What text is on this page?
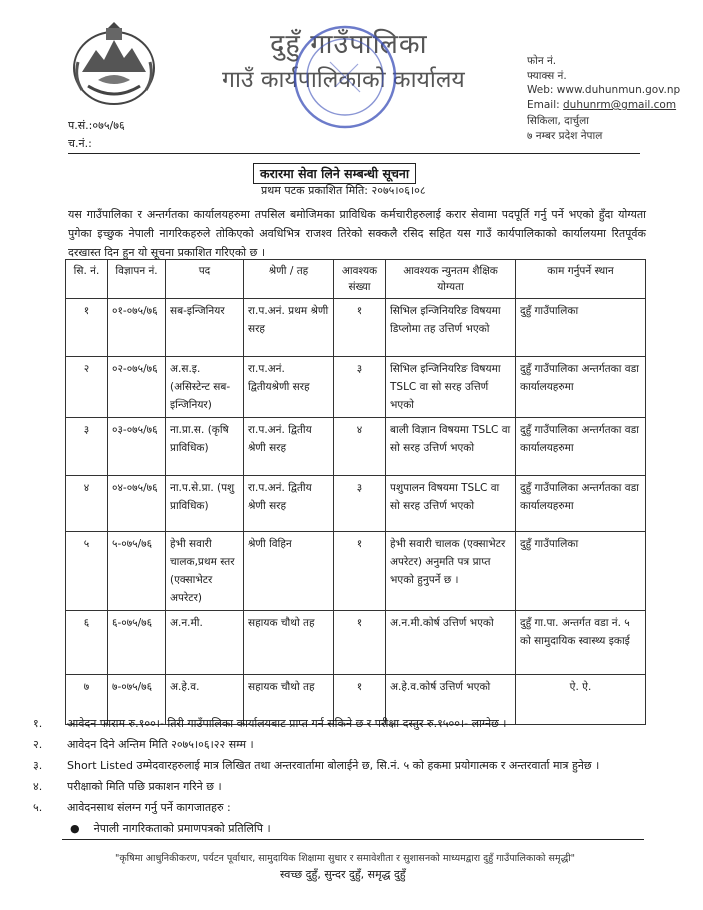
दुहुँ गाउँपालिका
गाउँ कार्यपालिकाको कार्यालय
फोन नं.
फ्याक्स नं.
Web: www.duhunmun.gov.np
Email: duhunrm@gmail.com
सिकिला, दार्चुला
७ नम्बर प्रदेश नेपाल
प.सं.:०७५/७६
च.नं.:
करारमा सेवा लिने सम्बन्धी सूचना
प्रथम पटक प्रकाशित मिति: २०७५।०६।०८
यस गाउँपालिका र अन्तर्गतका कार्यालयहरुमा तपसिल बमोजिमका प्राविधिक कर्मचारीहरुलाई करार सेवामा पदपूर्ति गर्नु पर्ने भएको हुँदा योग्यता पुगेका इच्छुक नेपाली नागरिकहरुले तोकिएको अवधिभित्र राजश्व तिरेको सक्कलै रसिद सहित यस गाउँ कार्यपालिकाको कार्यालयमा रितपूर्वक दरखास्त दिन हुन यो सूचना प्रकाशित गरिएको छ ।
सि. नं.	विज्ञापन नं.	पद	श्रेणी / तह	आवश्यक संख्या	आवश्यक न्युनतम शैक्षिक योग्यता	काम गर्नुपर्ने स्थान
१	०१-०७५/७६	सब-इन्जिनियर	रा.प.अनं. प्रथम श्रेणी सरह	१	सिभिल इन्जिनियरिङ विषयमा डिप्लोमा तह उत्तिर्ण भएको	दुहुँ गाउँपालिका
२	०२-०७५/७६	अ.स.इ. (असिस्टेन्ट सब-इन्जिनियर)	रा.प.अनं. द्वितीयश्रेणी सरह	३	सिभिल इन्जिनियरिङ विषयमा TSLC वा सो सरह उत्तिर्ण भएको	दुहुँ गाउँपालिका अन्तर्गतका वडा कार्यालयहरुमा
३	०३-०७५/७६	ना.प्रा.स. (कृषि प्राविधिक)	रा.प.अनं. द्वितीय श्रेणी सरह	४	बाली विज्ञान विषयमा TSLC वा सो सरह उत्तिर्ण भएको	दुहुँ गाउँपालिका अन्तर्गतका वडा कार्यालयहरुमा
४	०४-०७५/७६	ना.प.से.प्रा. (पशु प्राविधिक)	रा.प.अनं. द्वितीय श्रेणी सरह	३	पशुपालन विषयमा TSLC वा सो सरह उत्तिर्ण भएको	दुहुँ गाउँपालिका अन्तर्गतका वडा कार्यालयहरुमा
५	५-०७५/७६	हेभी सवारी चालक,प्रथम स्तर (एक्साभेटर अपरेटर)	श्रेणी विहिन	१	हेभी सवारी चालक (एक्साभेटर अपरेटर) अनुमति पत्र प्राप्त भएको हुनुपर्ने छ ।	दुहुँ गाउँपालिका
६	६-०७५/७६	अ.न.मी.	सहायक चौथो तह	१	अ.न.मी.कोर्ष उत्तिर्ण भएको	दुहुँ गा.पा. अन्तर्गत वडा नं. ५ को सामुदायिक स्वास्थ्य इकाई
७	७-०७५/७६	अ.हे.व.	सहायक चौथो तह	१	अ.हे.व.कोर्ष उत्तिर्ण भएको	ऐ. ऐ.
१. आवेदन फाराम रु.१००।- तिरी गाउँपालिका कार्यालयबाट प्राप्त गर्न सकिने छ र परीक्षा दस्तुर रु.१५००।- लाग्नेछ ।
२. आवेदन दिने अन्तिम मिति २०७५।०६।२२ सम्म ।
३. Short Listed उम्मेदवारहरुलाई मात्र लिखित तथा अन्तरवार्तामा बोलाईने छ, सि.नं. ५ को हकमा प्रयोगात्मक र अन्तरवार्ता मात्र हुनेछ ।
४. परीक्षाको मिति पछि प्रकाशन गरिने छ ।
५. आवेदनसाथ संलग्न गर्नु पर्ने कागजातहरु :
●    नेपाली नागरिकताको प्रमाणपत्रको प्रतिलिपि ।
"कृषिमा आधुनिकीकरण, पर्यटन पूर्वाधार, सामुदायिक शिक्षामा सुधार र समावेशीता र सुशासनको माध्यमद्वारा दुहुँ गाउँपालिकाको समृद्धी"
स्वच्छ दुहुँ, सुन्दर दुहुँ, समृद्ध दुहुँ
